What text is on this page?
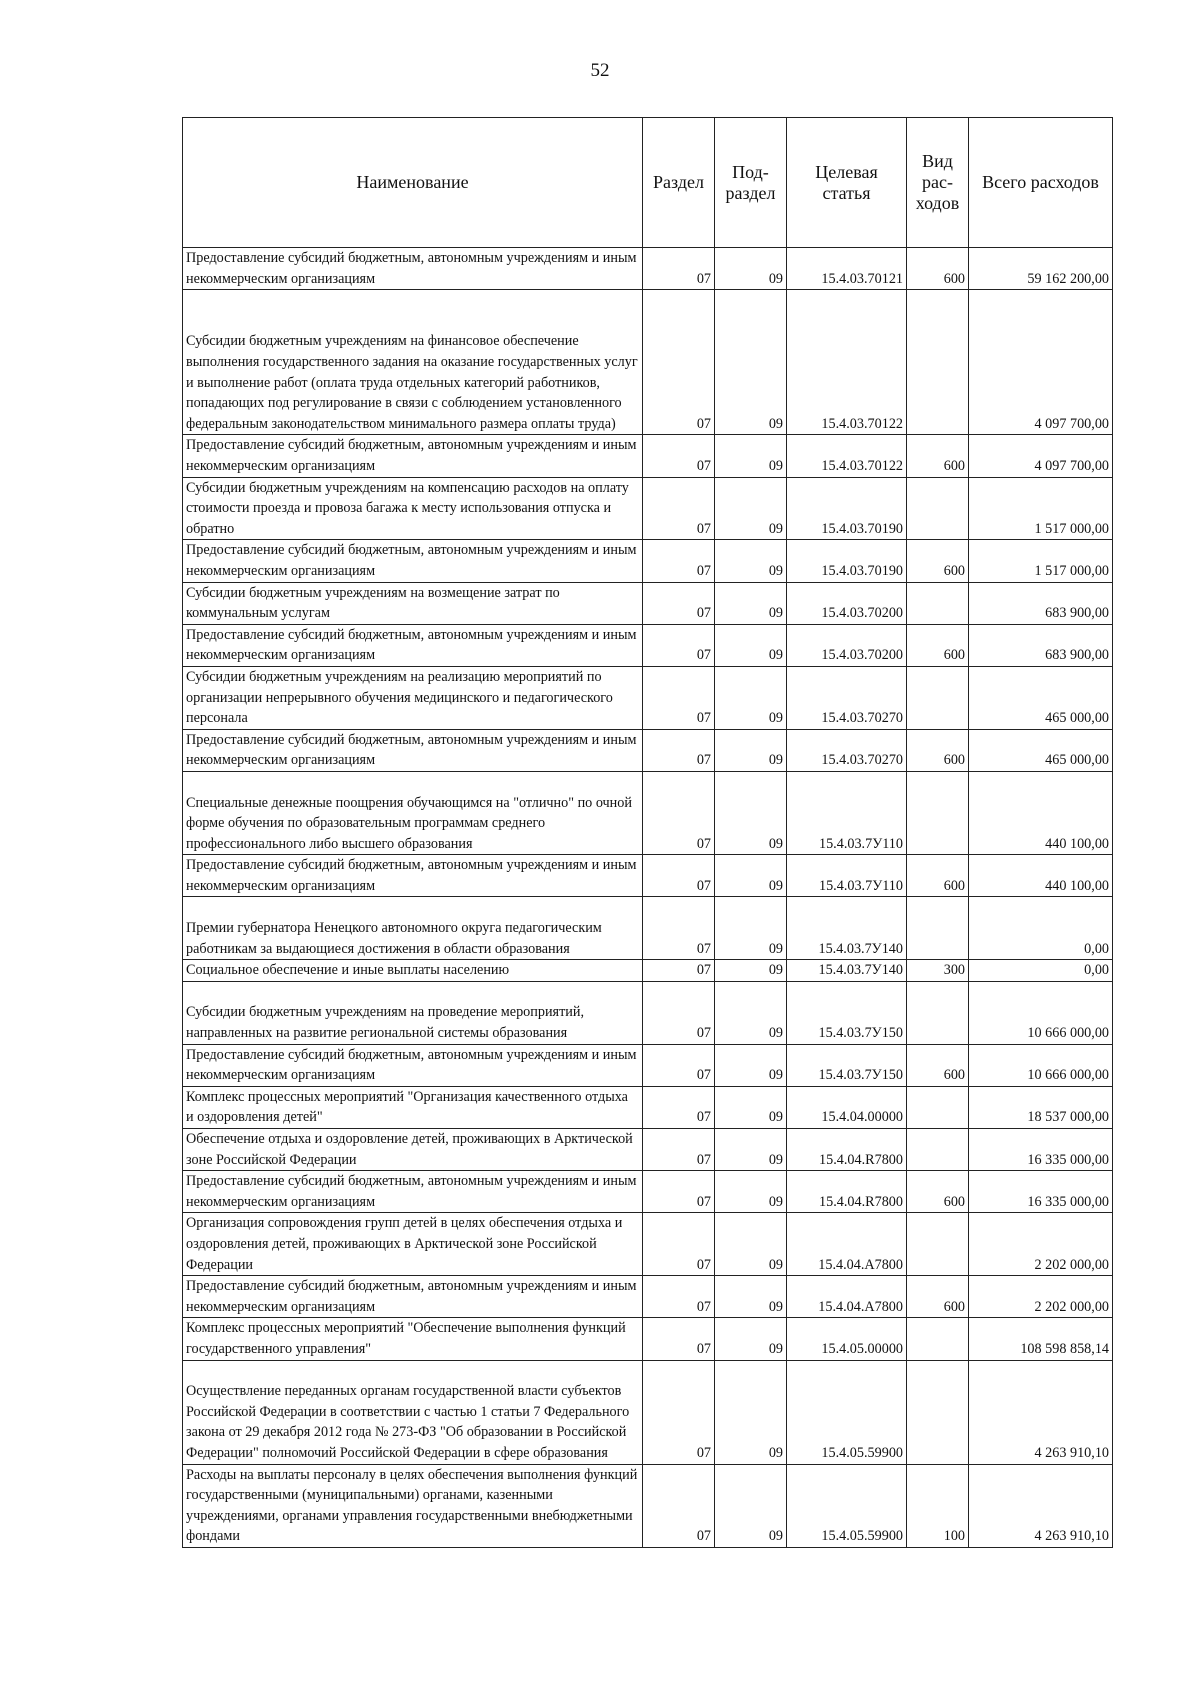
52
Наименование	Раздел	Под-раздел	Целевая статья	Вид рас-ходов	Всего расходов
Предоставление субсидий бюджетным, автономным учреждениям и иным некоммерческим организациям	07	09	15.4.03.70121	600	59 162 200,00
Субсидии бюджетным учреждениям на финансовое обеспечение выполнения государственного задания на оказание государственных услуг и выполнение работ (оплата труда отдельных категорий работников, попадающих под регулирование в связи с соблюдением установленного федеральным законодательством минимального размера оплаты труда)	07	09	15.4.03.70122		4 097 700,00
Предоставление субсидий бюджетным, автономным учреждениям и иным некоммерческим организациям	07	09	15.4.03.70122	600	4 097 700,00
Субсидии бюджетным учреждениям на компенсацию расходов на оплату стоимости проезда и провоза багажа к месту использования отпуска и обратно	07	09	15.4.03.70190		1 517 000,00
Предоставление субсидий бюджетным, автономным учреждениям и иным некоммерческим организациям	07	09	15.4.03.70190	600	1 517 000,00
Субсидии бюджетным учреждениям на возмещение затрат по коммунальным услугам	07	09	15.4.03.70200		683 900,00
Предоставление субсидий бюджетным, автономным учреждениям и иным некоммерческим организациям	07	09	15.4.03.70200	600	683 900,00
Субсидии бюджетным учреждениям на реализацию мероприятий по организации непрерывного обучения медицинского и педагогического персонала	07	09	15.4.03.70270		465 000,00
Предоставление субсидий бюджетным, автономным учреждениям и иным некоммерческим организациям	07	09	15.4.03.70270	600	465 000,00
Специальные денежные поощрения обучающимся на "отлично" по очной форме обучения по образовательным программам среднего профессионального либо высшего образования	07	09	15.4.03.7У110		440 100,00
Предоставление субсидий бюджетным, автономным учреждениям и иным некоммерческим организациям	07	09	15.4.03.7У110	600	440 100,00
Премии губернатора Ненецкого автономного округа педагогическим работникам за выдающиеся достижения в области образования	07	09	15.4.03.7У140		0,00
Социальное обеспечение и иные выплаты населению	07	09	15.4.03.7У140	300	0,00
Субсидии бюджетным учреждениям на проведение мероприятий, направленных на развитие региональной системы образования	07	09	15.4.03.7У150		10 666 000,00
Предоставление субсидий бюджетным, автономным учреждениям и иным некоммерческим организациям	07	09	15.4.03.7У150	600	10 666 000,00
Комплекс процессных мероприятий "Организация качественного отдыха и оздоровления детей"	07	09	15.4.04.00000		18 537 000,00
Обеспечение отдыха и оздоровление детей, проживающих в Арктической зоне Российской Федерации	07	09	15.4.04.R7800		16 335 000,00
Предоставление субсидий бюджетным, автономным учреждениям и иным некоммерческим организациям	07	09	15.4.04.R7800	600	16 335 000,00
Организация сопровождения групп детей в целях обеспечения отдыха и оздоровления детей, проживающих в Арктической зоне Российской Федерации	07	09	15.4.04.А7800		2 202 000,00
Предоставление субсидий бюджетным, автономным учреждениям и иным некоммерческим организациям	07	09	15.4.04.А7800	600	2 202 000,00
Комплекс процессных мероприятий "Обеспечение выполнения функций государственного управления"	07	09	15.4.05.00000		108 598 858,14
Осуществление переданных органам государственной власти субъектов Российской Федерации в соответствии с частью 1 статьи 7 Федерального закона от 29 декабря 2012 года № 273-ФЗ "Об образовании в Российской Федерации" полномочий Российской Федерации в сфере образования	07	09	15.4.05.59900		4 263 910,10
Расходы на выплаты персоналу в целях обеспечения выполнения функций государственными (муниципальными) органами, казенными учреждениями, органами управления государственными внебюджетными фондами	07	09	15.4.05.59900	100	4 263 910,10
